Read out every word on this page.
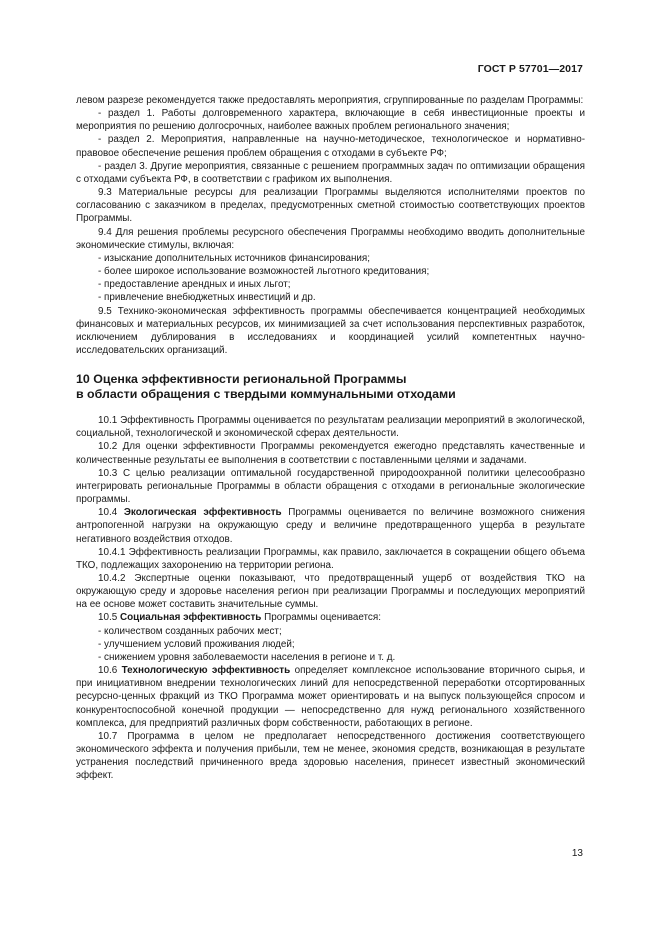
ГОСТ Р 57701—2017

левом разрезе рекомендуется также предоставлять мероприятия, сгруппированные по разделам Программы:

- раздел 1. Работы долговременного характера, включающие в себя инвестиционные проекты и мероприятия по решению долгосрочных, наиболее важных проблем регионального значения;

- раздел 2. Мероприятия, направленные на научно-методическое, технологическое и нормативно-правовое обеспечение решения проблем обращения с отходами в субъекте РФ;

- раздел 3. Другие мероприятия, связанные с решением программных задач по оптимизации обращения с отходами субъекта РФ, в соответствии с графиком их выполнения.

9.3 Материальные ресурсы для реализации Программы выделяются исполнителями проектов по согласованию с заказчиком в пределах, предусмотренных сметной стоимостью соответствующих проектов Программы.

9.4 Для решения проблемы ресурсного обеспечения Программы необходимо вводить дополнительные экономические стимулы, включая:

- изыскание дополнительных источников финансирования;

- более широкое использование возможностей льготного кредитования;

- предоставление арендных и иных льгот;

- привлечение внебюджетных инвестиций и др.

9.5 Технико-экономическая эффективность программы обеспечивается концентрацией необходимых финансовых и материальных ресурсов, их минимизацией за счет использования перспективных разработок, исключением дублирования в исследованиях и координацией усилий компетентных научно-исследовательских организаций.

10 Оценка эффективности региональной Программы
в области обращения с твердыми коммунальными отходами

10.1 Эффективность Программы оценивается по результатам реализации мероприятий в экологической, социальной, технологической и экономической сферах деятельности.

10.2 Для оценки эффективности Программы рекомендуется ежегодно представлять качественные и количественные результаты ее выполнения в соответствии с поставленными целями и задачами.

10.3 С целью реализации оптимальной государственной природоохранной политики целесообразно интегрировать региональные Программы в области обращения с отходами в региональные экологические программы.

10.4 Экологическая эффективность Программы оценивается по величине возможного снижения антропогенной нагрузки на окружающую среду и величине предотвращенного ущерба в результате негативного воздействия отходов.

10.4.1 Эффективность реализации Программы, как правило, заключается в сокращении общего объема ТКО, подлежащих захоронению на территории региона.

10.4.2 Экспертные оценки показывают, что предотвращенный ущерб от воздействия ТКО на окружающую среду и здоровье населения регион при реализации Программы и последующих мероприятий на ее основе может составить значительные суммы.

10.5 Социальная эффективность Программы оценивается:

- количеством созданных рабочих мест;

- улучшением условий проживания людей;

- снижением уровня заболеваемости населения в регионе и т. д.

10.6 Технологическую эффективность определяет комплексное использование вторичного сырья, и при инициативном внедрении технологических линий для непосредственной переработки отсортированных ресурсно-ценных фракций из ТКО Программа может ориентировать и на выпуск пользующейся спросом и конкурентоспособной конечной продукции — непосредственно для нужд регионального хозяйственного комплекса, для предприятий различных форм собственности, работающих в регионе.

10.7 Программа в целом не предполагает непосредственного достижения соответствующего экономического эффекта и получения прибыли, тем не менее, экономия средств, возникающая в результате устранения последствий причиненного вреда здоровью населения, принесет известный экономический эффект.

13
